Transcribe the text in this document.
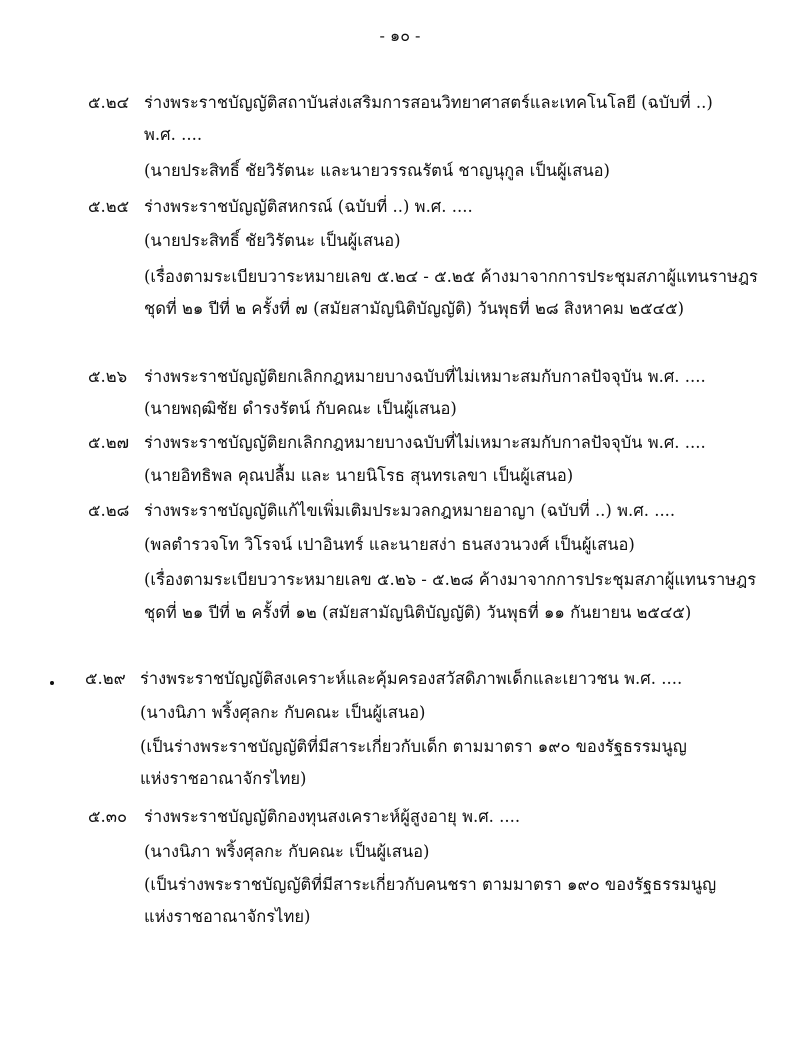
- ๑๐ -
๕.๒๔ ร่างพระราชบัญญัติสถาบันส่งเสริมการสอนวิทยาศาสตร์และเทคโนโลยี (ฉบับที่ ..)
พ.ศ. ....
(นายประสิทธิ์ ชัยวิรัตนะ และนายวรรณรัตน์ ชาญนุกูล เป็นผู้เสนอ)
๕.๒๕ ร่างพระราชบัญญัติสหกรณ์ (ฉบับที่ ..) พ.ศ. ....
(นายประสิทธิ์ ชัยวิรัตนะ เป็นผู้เสนอ)
(เรื่องตามระเบียบวาระหมายเลข ๕.๒๔ - ๕.๒๕ ค้างมาจากการประชุมสภาผู้แทนราษฎร
ชุดที่ ๒๑ ปีที่ ๒ ครั้งที่ ๗ (สมัยสามัญนิติบัญญัติ) วันพุธที่ ๒๘ สิงหาคม ๒๕๔๕)
๕.๒๖ ร่างพระราชบัญญัติยกเลิกกฎหมายบางฉบับที่ไม่เหมาะสมกับกาลปัจจุบัน พ.ศ. ....
(นายพฤฒิชัย ดำรงรัตน์ กับคณะ เป็นผู้เสนอ)
๕.๒๗ ร่างพระราชบัญญัติยกเลิกกฎหมายบางฉบับที่ไม่เหมาะสมกับกาลปัจจุบัน พ.ศ. ....
(นายอิทธิพล คุณปลื้ม และ นายนิโรธ สุนทรเลขา เป็นผู้เสนอ)
๕.๒๘ ร่างพระราชบัญญัติแก้ไขเพิ่มเติมประมวลกฎหมายอาญา (ฉบับที่ ..) พ.ศ. ....
(พลตำรวจโท วิโรจน์ เปาอินทร์ และนายสง่า ธนสงวนวงศ์ เป็นผู้เสนอ)
(เรื่องตามระเบียบวาระหมายเลข ๕.๒๖ - ๕.๒๘ ค้างมาจากการประชุมสภาผู้แทนราษฎร
ชุดที่ ๒๑ ปีที่ ๒ ครั้งที่ ๑๒ (สมัยสามัญนิติบัญญัติ) วันพุธที่ ๑๑ กันยายน ๒๕๔๕)
๕.๒๙ ร่างพระราชบัญญัติสงเคราะห์และคุ้มครองสวัสดิภาพเด็กและเยาวชน พ.ศ. ....
(นางนิภา พริ้งศุลกะ กับคณะ เป็นผู้เสนอ)
(เป็นร่างพระราชบัญญัติที่มีสาระเกี่ยวกับเด็ก ตามมาตรา ๑๙๐ ของรัฐธรรมนูญ
แห่งราชอาณาจักรไทย)
๕.๓๐ ร่างพระราชบัญญัติกองทุนสงเคราะห์ผู้สูงอายุ พ.ศ. ....
(นางนิภา พริ้งศุลกะ กับคณะ เป็นผู้เสนอ)
(เป็นร่างพระราชบัญญัติที่มีสาระเกี่ยวกับคนชรา ตามมาตรา ๑๙๐ ของรัฐธรรมนูญ
แห่งราชอาณาจักรไทย)
